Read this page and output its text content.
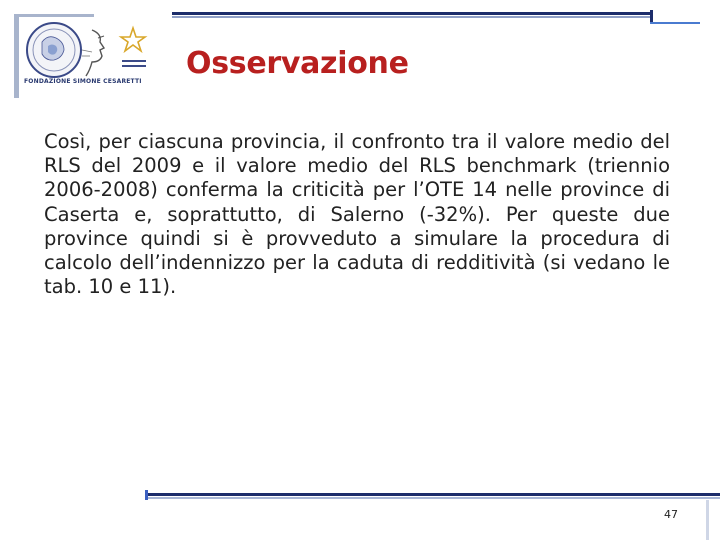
FONDAZIONE SIMONE CESARETTI
Osservazione

Così, per ciascuna provincia, il confronto tra il valore medio del RLS del 2009 e il valore medio del RLS benchmark (triennio 2006-2008) conferma la criticità per l’OTE 14 nelle province di Caserta e, soprattutto, di Salerno (-32%). Per queste due province quindi si è provveduto a simulare la procedura di calcolo dell’indennizzo per la caduta di redditività (si vedano le tab. 10 e 11).

47
